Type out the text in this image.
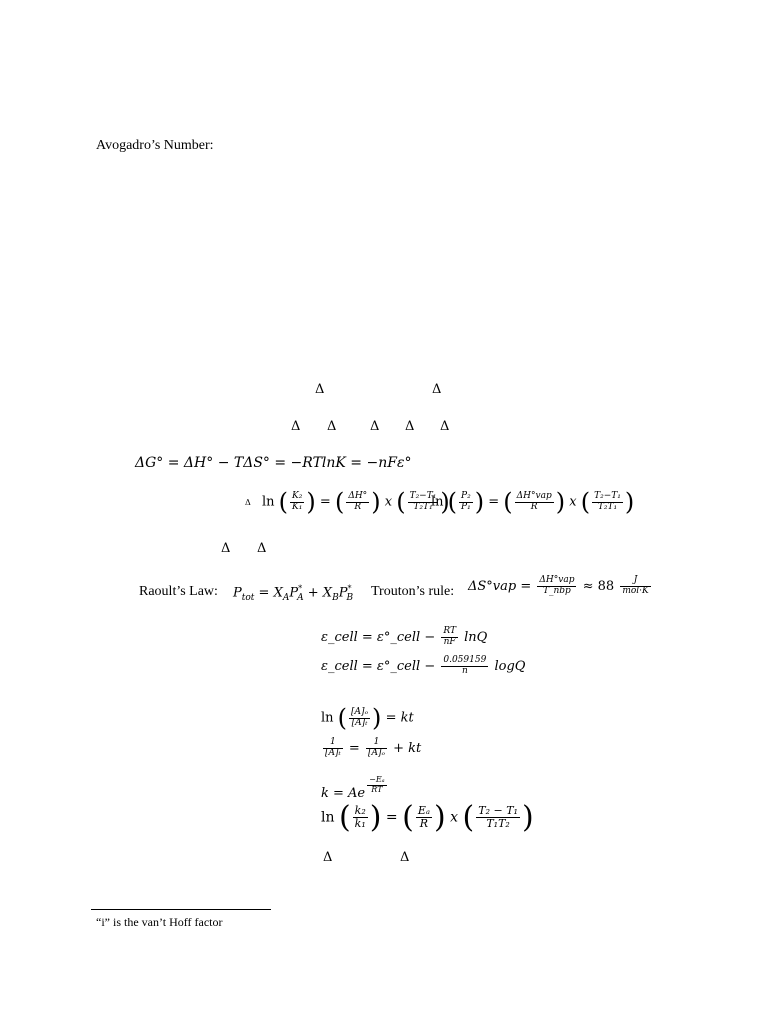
Avogadro’s Number:
Δ	Δ
Δ Δ	Δ Δ Δ
ΔG° = ΔH° − TΔS° = −RTlnK = −nFε°
Δ ln ( $\frac{\text{K₂}}{\text{K₁}}$ ) = ( $\frac{\Delta H^\circ}{R}$ ) x ( $\frac{\text{T₂−T₁}}{\text{T₂T₁}}$ )
ln ( $\frac{\text{P₂}}{\text{P₁}}$ ) = ( $\frac{\text{ΔH°vap}}{R}$ ) x ( $\frac{\text{T₂−T₁}}{\text{T₂T₁}}$ )
Δ Δ
Raoult’s Law: $P_{tot} = X_AP^*_A + X_BP^*_B$ Trouton’s rule: $\Delta S^\circ vap = \frac{\text{ΔH°vap}}{\text{T\_nbp}} \approx 88 \frac{J}{\text{mol·K}}$
ε_cell = ε°_cell − $\frac{RT}{nF}$ lnQ
ε_cell = ε°_cell − $\frac{0.059159}{n}$ logQ
ln ( $\frac{\text{[A]ₒ}}{\text{[A]ₜ}}$ ) = kt
$\frac{1}{\text{[A]ₜ}} = \frac{1}{\text{[A]ₒ}}$ + kt
k = Ae $\frac{\text{−Eₐ}}{RT}$
ln ( $\frac{\text{k₂}}{\text{k₁}}$ ) = ( $\frac{\text{Eₐ}}{R}$ ) x ( $\frac{\text{T₂ − T₁}}{\text{T₁T₂}}$ )
Δ	Δ
“i” is the van’t Hoff factor
